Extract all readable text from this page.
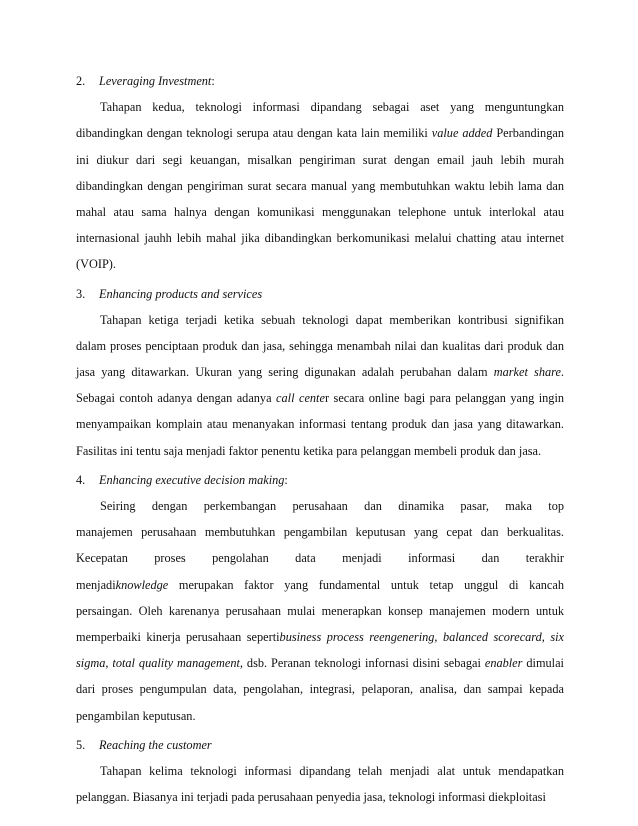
2. Leveraging Investment:
Tahapan kedua, teknologi informasi dipandang sebagai aset yang menguntungkan
dibandingkan dengan teknologi serupa atau dengan kata lain memiliki value added Perbandingan
ini diukur dari segi keuangan, misalkan pengiriman surat dengan email jauh lebih murah
dibandingkan dengan pengiriman surat secara manual yang membutuhkan waktu lebih lama dan
mahal atau sama halnya dengan komunikasi menggunakan telephone untuk interlokal atau
internasional jauhh lebih mahal jika dibandingkan berkomunikasi melalui chatting atau internet
(VOIP).
3. Enhancing products and services
Tahapan ketiga terjadi ketika sebuah teknologi dapat memberikan kontribusi signifikan
dalam proses penciptaan produk dan jasa, sehingga menambah nilai dan kualitas dari produk dan
jasa yang ditawarkan. Ukuran yang sering digunakan adalah perubahan dalam market share.
Sebagai contoh adanya dengan adanya call center secara online bagi para pelanggan yang ingin
menyampaikan komplain atau menanyakan informasi tentang produk dan jasa yang ditawarkan.
Fasilitas ini tentu saja menjadi faktor penentu ketika para pelanggan membeli produk dan jasa.
4. Enhancing executive decision making:
Seiring dengan perkembangan perusahaan dan dinamika pasar, maka top
manajemen perusahaan membutuhkan pengambilan keputusan yang cepat dan berkualitas.
Kecepatan proses pengolahan data menjadi informasi dan terakhir
menjadiknowledge merupakan faktor yang fundamental untuk tetap unggul di kancah
persaingan. Oleh karenanya perusahaan mulai menerapkan konsep manajemen modern untuk
memperbaiki kinerja perusahaan sepertibusiness process reengenering, balanced scorecard, six
sigma, total quality management, dsb. Peranan teknologi infornasi disini sebagai enabler dimulai
dari proses pengumpulan data, pengolahan, integrasi, pelaporan, analisa, dan sampai kepada
pengambilan keputusan.
5. Reaching the customer
Tahapan kelima teknologi informasi dipandang telah menjadi alat untuk mendapatkan
pelanggan. Biasanya ini terjadi pada perusahaan penyedia jasa, teknologi informasi diekploitasi
